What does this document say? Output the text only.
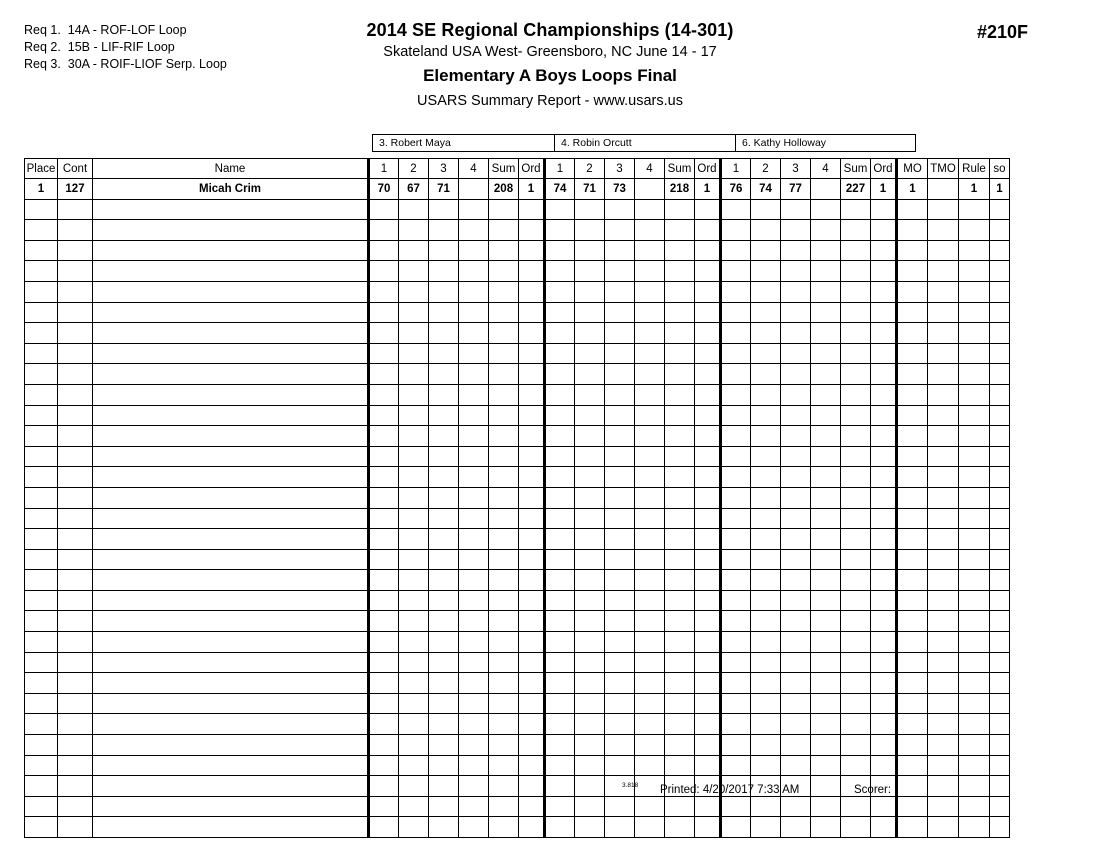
Req 1.  14A - ROF-LOF Loop
Req 2.  15B - LIF-RIF Loop
Req 3.  30A - ROIF-LIOF Serp. Loop
2014 SE Regional Championships (14-301)
Skateland USA West- Greensboro, NC June 14 - 17
Elementary A Boys Loops Final
USARS Summary Report - www.usars.us
#210F
3. Robert Maya	4. Robin Orcutt	6. Kathy Holloway
Place	Cont	Name	1	2	3	4	Sum	Ord	1	2	3	4	Sum	Ord	1	2	3	4	Sum	Ord	MO	TMO	Rule	so
1	127	Micah Crim	70	67	71		208	1	74	71	73		218	1	76	74	77		227	1	1		1	1

3.818 Printed: 4/20/2017 7:33 AM	Scorer:
